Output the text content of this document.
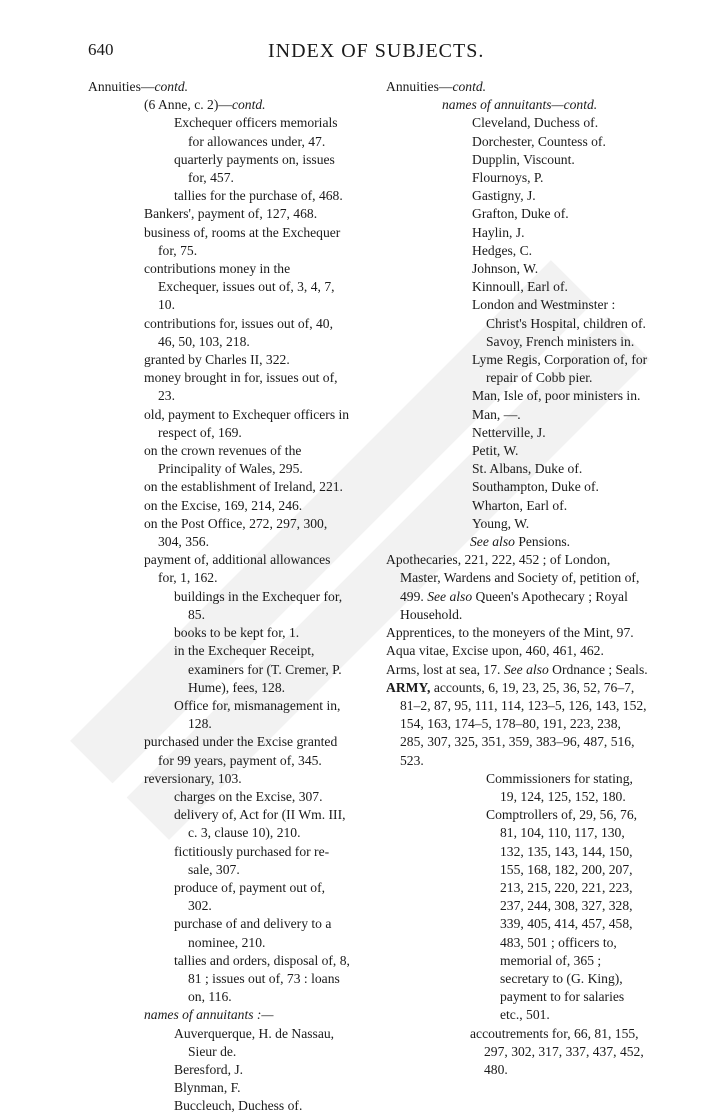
640	INDEX OF SUBJECTS.

Annuities—contd.

(6 Anne, c. 2)—contd.

Exchequer officers memorials for allowances under, 47.

quarterly payments on, issues for, 457.

tallies for the purchase of, 468.

Bankers', payment of, 127, 468.

business of, rooms at the Exchequer for, 75.

contributions money in the Exchequer, issues out of, 3, 4, 7, 10.

contributions for, issues out of, 40, 46, 50, 103, 218.

granted by Charles II, 322.

money brought in for, issues out of, 23.

old, payment to Exchequer officers in respect of, 169.

on the crown revenues of the Principality of Wales, 295.

on the establishment of Ireland, 221.

on the Excise, 169, 214, 246.

on the Post Office, 272, 297, 300, 304, 356.

payment of, additional allowances for, 1, 162.

buildings in the Exchequer for, 85.

books to be kept for, 1.

in the Exchequer Receipt, examiners for (T. Cremer, P. Hume), fees, 128.

Office for, mismanagement in, 128.

purchased under the Excise granted for 99 years, payment of, 345.

reversionary, 103.

charges on the Excise, 307.

delivery of, Act for (II Wm. III, c. 3, clause 10), 210.

fictitiously purchased for re-sale, 307.

produce of, payment out of, 302.

purchase of and delivery to a nominee, 210.

tallies and orders, disposal of, 8, 81 ; issues out of, 73 : loans on, 116.

names of annuitants :—

Auverquerque, H. de Nassau, Sieur de.

Beresford, J.

Blynman, F.

Buccleuch, Duchess of.

Annuities—contd.

names of annuitants—contd.

Cleveland, Duchess of.

Dorchester, Countess of.

Dupplin, Viscount.

Flournoys, P.

Gastigny, J.

Grafton, Duke of.

Haylin, J.

Hedges, C.

Johnson, W.

Kinnoull, Earl of.

London and Westminster :

Christ's Hospital, children of.

Savoy, French ministers in.

Lyme Regis, Corporation of, for repair of Cobb pier.

Man, Isle of, poor ministers in.

Man, —.

Netterville, J.

Petit, W.

St. Albans, Duke of.

Southampton, Duke of.

Wharton, Earl of.

Young, W.

See also Pensions.

Apothecaries, 221, 222, 452 ; of London, Master, Wardens and Society of, petition of, 499. See also Queen's Apothecary ; Royal Household.

Apprentices, to the moneyers of the Mint, 97.

Aqua vitae, Excise upon, 460, 461, 462.

Arms, lost at sea, 17. See also Ordnance ; Seals.

ARMY, accounts, 6, 19, 23, 25, 36, 52, 76–7, 81–2, 87, 95, 111, 114, 123–5, 126, 143, 152, 154, 163, 174–5, 178–80, 191, 223, 238, 285, 307, 325, 351, 359, 383–96, 487, 516, 523.

Commissioners for stating, 19, 124, 125, 152, 180.

Comptrollers of, 29, 56, 76, 81, 104, 110, 117, 130, 132, 135, 143, 144, 150, 155, 168, 182, 200, 207, 213, 215, 220, 221, 223, 237, 244, 308, 327, 328, 339, 405, 414, 457, 458, 483, 501 ; officers to, memorial of, 365 ; secretary to (G. King), payment to for salaries etc., 501.

accoutrements for, 66, 81, 155, 297, 302, 317, 337, 437, 452, 480.
